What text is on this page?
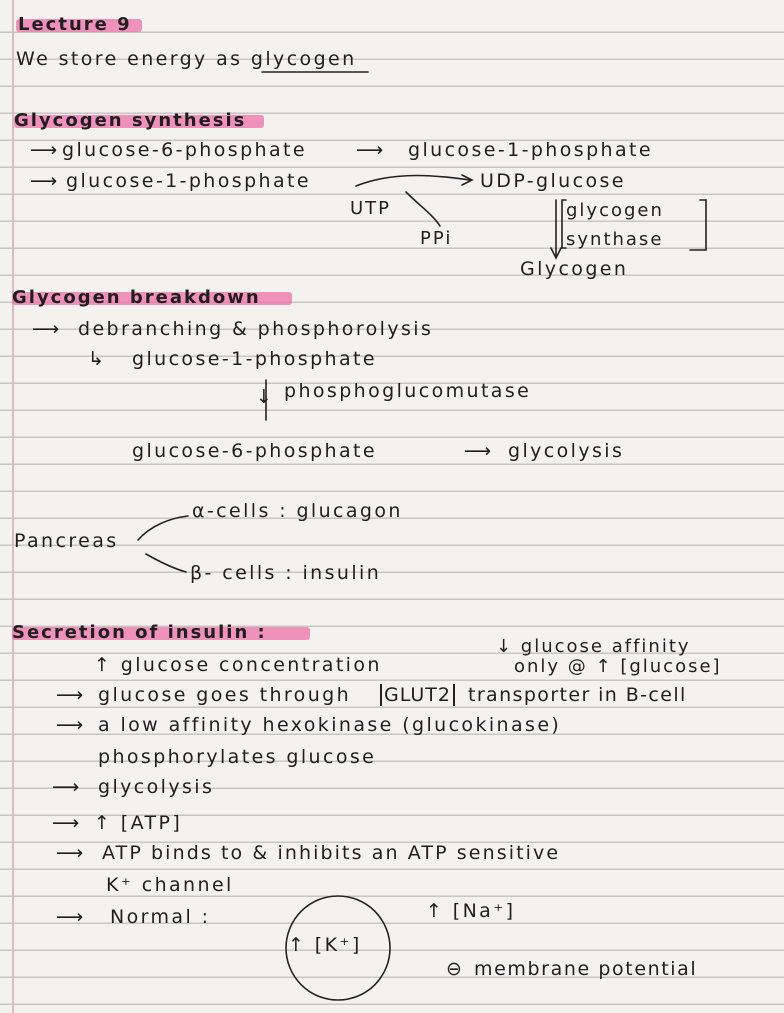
Lecture 9
We store energy as glycogen
Glycogen synthesis
⟶ glucose-6-phosphate	⟶ glucose-1-phosphate
⟶ glucose-1-phosphate	UDP-glucose
UTP
PPi
glycogen
synthase
Glycogen
Glycogen breakdown
⟶ debranching & phosphorolysis
↳ glucose-1-phosphate
↓ phosphoglucomutase
glucose-6-phosphate	⟶ glycolysis
Pancreas
α-cells : glucagon
β- cells : insulin
Secretion of insulin :
↓ glucose affinity
only @ ↑ [glucose]
↑ glucose concentration
⟶ glucose goes through GLUT2 transporter in B-cell
⟶ a low affinity hexokinase (glucokinase)
phosphorylates glucose
⟶ glycolysis
⟶ ↑ [ATP]
⟶ ATP binds to & inhibits an ATP sensitive
K⁺ channel
⟶ Normal :	↑ [Na⁺]
↑ [K⁺]
⊖ membrane potential
